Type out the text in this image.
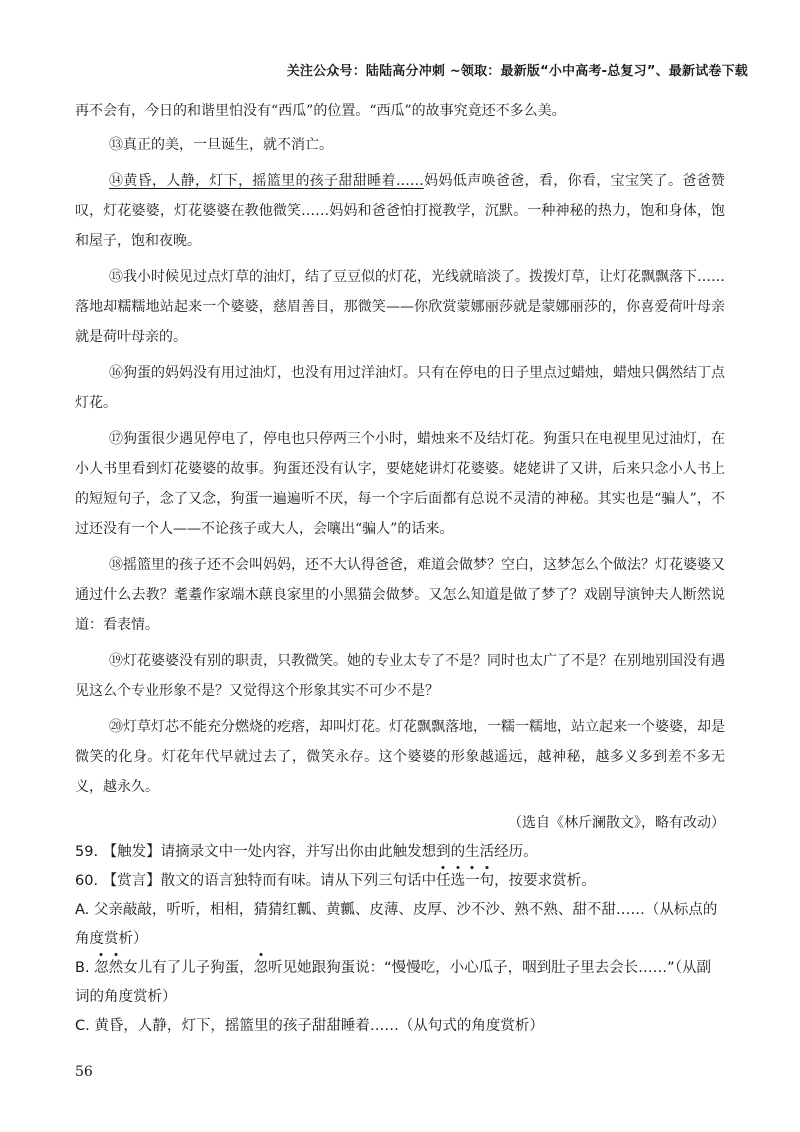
关注公众号：陆陆高分冲刺 ~领取：最新版“小中高考-总复习”、最新试卷下载

再不会有，今日的和谐里怕没有“西瓜”的位置。“西瓜”的故事究竟还不多么美。

⑬真正的美，一旦诞生，就不消亡。

⑭黄昏，人静，灯下，摇篮里的孩子甜甜睡着……妈妈低声唤爸爸，看，你看，宝宝笑了。爸爸赞叹，灯花婆婆，灯花婆婆在教他微笑……妈妈和爸爸怕打搅教学，沉默。一种神秘的热力，饱和身体，饱和屋子，饱和夜晚。

⑮我小时候见过点灯草的油灯，结了豆豆似的灯花，光线就暗淡了。拨拨灯草，让灯花飘飘落下……落地却糯糯地站起来一个婆婆，慈眉善目，那微笑——你欣赏蒙娜丽莎就是蒙娜丽莎的，你喜爱荷叶母亲就是荷叶母亲的。

⑯狗蛋的妈妈没有用过油灯，也没有用过洋油灯。只有在停电的日子里点过蜡烛，蜡烛只偶然结丁点灯花。

⑰狗蛋很少遇见停电了，停电也只停两三个小时，蜡烛来不及结灯花。狗蛋只在电视里见过油灯，在小人书里看到灯花婆婆的故事。狗蛋还没有认字，要姥姥讲灯花婆婆。姥姥讲了又讲，后来只念小人书上的短短句子，念了又念，狗蛋一遍遍听不厌，每一个字后面都有总说不灵清的神秘。其实也是“骗人”，不过还没有一个人——不论孩子或大人，会嚷出“骗人”的话来。

⑱摇篮里的孩子还不会叫妈妈，还不大认得爸爸，难道会做梦？空白，这梦怎么个做法？灯花婆婆又通过什么去教？耄耋作家端木蕻良家里的小黑猫会做梦。又怎么知道是做了梦了？戏剧导演钟夫人断然说道：看表情。

⑲灯花婆婆没有别的职责，只教微笑。她的专业太专了不是？同时也太广了不是？在别地别国没有遇见这么个专业形象不是？又觉得这个形象其实不可少不是？

⑳灯草灯芯不能充分燃烧的疙瘩，却叫灯花。灯花飘飘落地，一糯一糯地，站立起来一个婆婆，却是微笑的化身。灯花年代早就过去了，微笑永存。这个婆婆的形象越遥远，越神秘，越多义多到差不多无义，越永久。

（选自《林斤澜散文》，略有改动）

59. 【触发】请摘录文中一处内容，并写出你由此触发想到的生活经历。

60. 【赏言】散文的语言独特而有味。请从下列三句话中任选一句，按要求赏析。

A. 父亲敲敲，听听，相相，猜猜红瓤、黄瓤、皮薄、皮厚、沙不沙、熟不熟、甜不甜……（从标点的角度赏析）

B. 忽然女儿有了儿子狗蛋，忽听见她跟狗蛋说：“慢慢吃，小心瓜子，咽到肚子里去会长……”（从副词的角度赏析）

C. 黄昏，人静，灯下，摇篮里的孩子甜甜睡着……（从句式的角度赏析）

56
